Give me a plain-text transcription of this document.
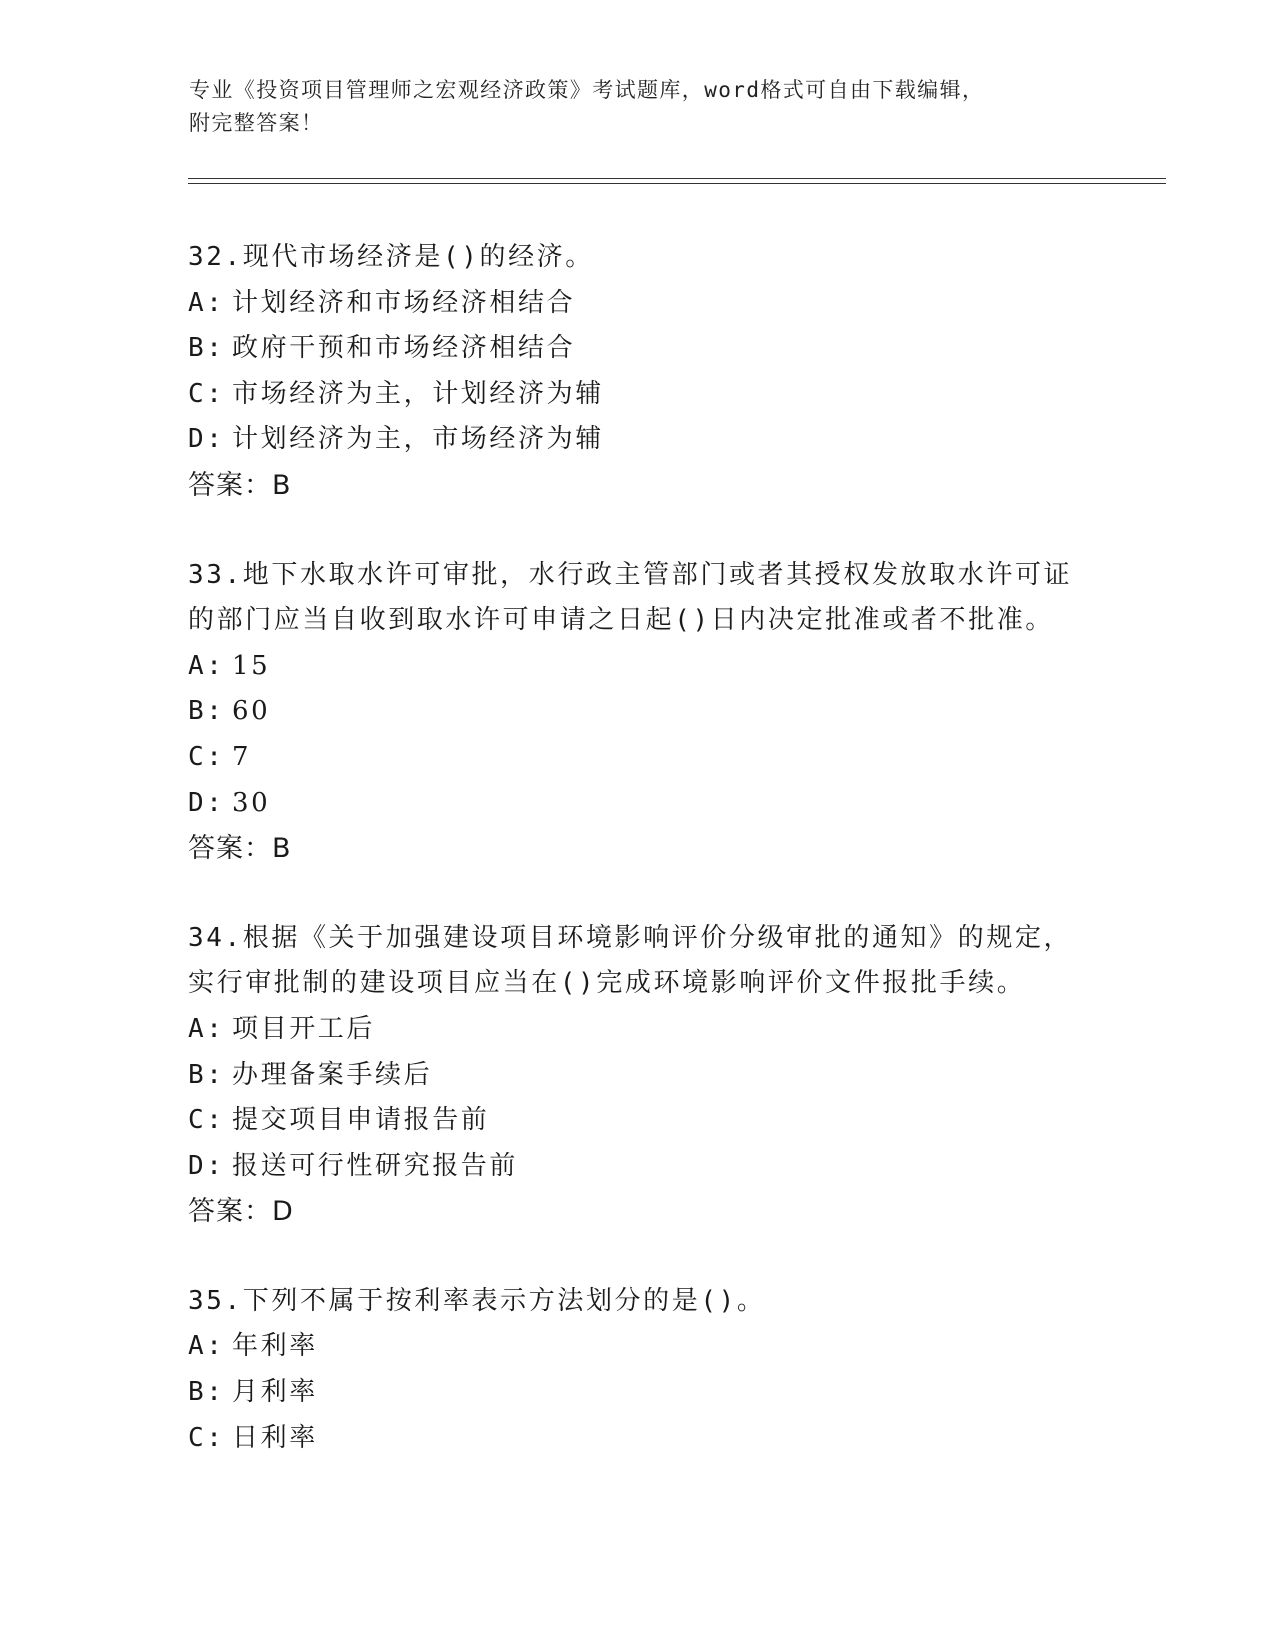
专业《投资项目管理师之宏观经济政策》考试题库，word格式可自由下载编辑，
附完整答案！
32.现代市场经济是()的经济。
A: 计划经济和市场经济相结合
B: 政府干预和市场经济相结合
C: 市场经济为主，计划经济为辅
D: 计划经济为主，市场经济为辅
答案：B
33.地下水取水许可审批，水行政主管部门或者其授权发放取水许可证
的部门应当自收到取水许可申请之日起()日内决定批准或者不批准。
A: 15
B: 60
C: 7
D: 30
答案：B
34.根据《关于加强建设项目环境影响评价分级审批的通知》的规定，
实行审批制的建设项目应当在()完成环境影响评价文件报批手续。
A: 项目开工后
B: 办理备案手续后
C: 提交项目申请报告前
D: 报送可行性研究报告前
答案：D
35.下列不属于按利率表示方法划分的是()。
A: 年利率
B: 月利率
C: 日利率
